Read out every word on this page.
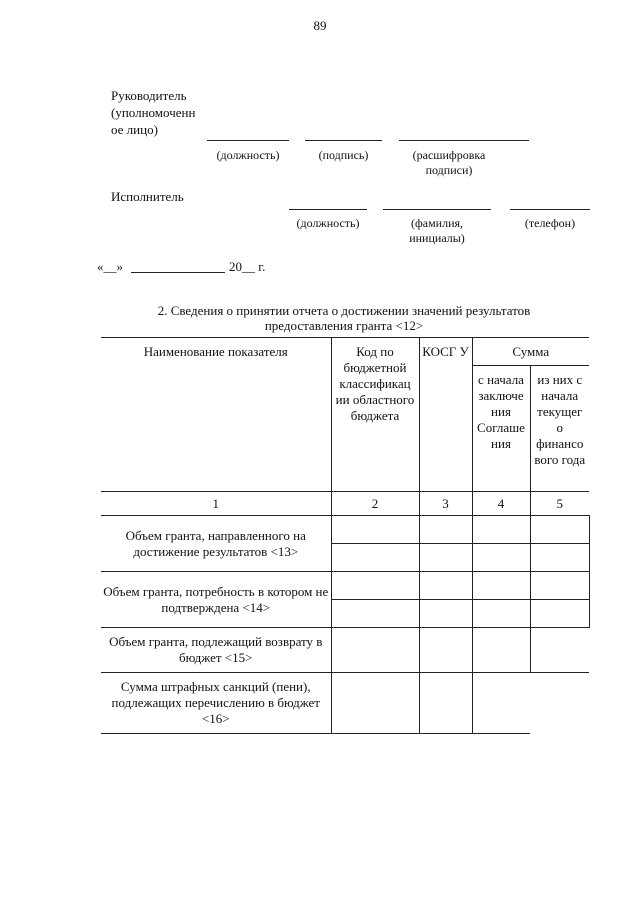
89
Руководитель
(уполномоченн
ое лицо)
(должность)	(подпись)	(расшифровка
подписи)
Исполнитель
(должность)	(фамилия,
инициалы)
(телефон)
«__»	20__ г.
2. Сведения о принятии отчета о достижении значений результатов
предоставления гранта <12>
Наименование показателя	Код по бюджетной классификац ии областного бюджета	КОСГ У	Сумма	
			с начала заключе ния Соглаше ния	из них с начала текущег о финансо вого года
1	2	3	4	5
Объем гранта, направленного на достижение результатов <13>				

Объем гранта, потребность в котором не подтверждена <14>				

Объем гранта, подлежащий возврату в бюджет <15>				
Сумма штрафных санкций (пени), подлежащих перечислению в бюджет <16>				
